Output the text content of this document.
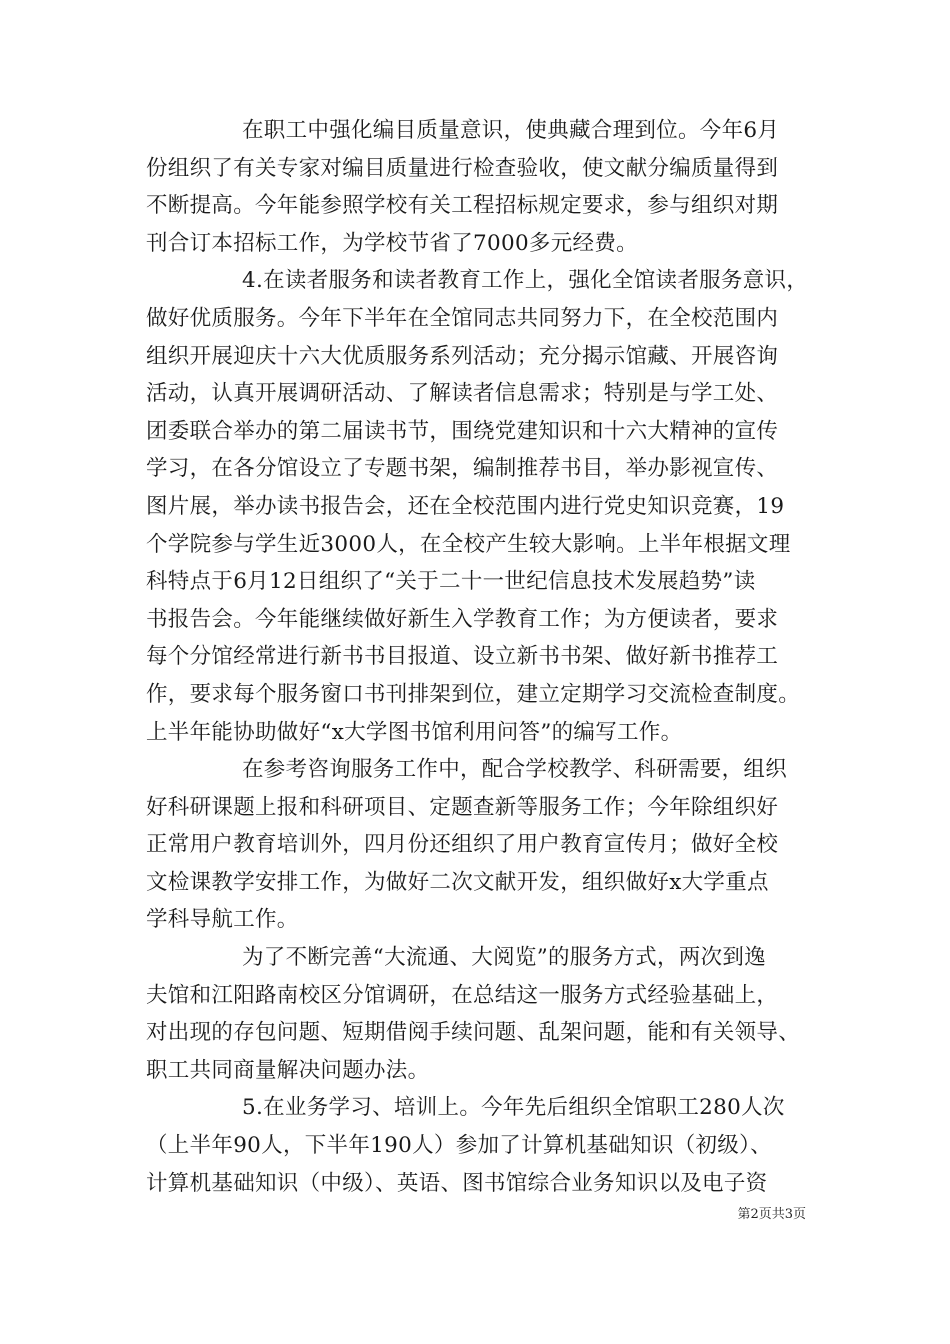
在职工中强化编目质量意识，使典藏合理到位。今年6月
份组织了有关专家对编目质量进行检查验收，使文献分编质量得到
不断提高。今年能参照学校有关工程招标规定要求，参与组织对期
刊合订本招标工作，为学校节省了7000多元经费。
4.在读者服务和读者教育工作上，强化全馆读者服务意识，
做好优质服务。今年下半年在全馆同志共同努力下，在全校范围内
组织开展迎庆十六大优质服务系列活动；充分揭示馆藏、开展咨询
活动，认真开展调研活动、了解读者信息需求；特别是与学工处、
团委联合举办的第二届读书节，围绕党建知识和十六大精神的宣传
学习，在各分馆设立了专题书架，编制推荐书目，举办影视宣传、
图片展，举办读书报告会，还在全校范围内进行党史知识竞赛，19
个学院参与学生近3000人，在全校产生较大影响。上半年根据文理
科特点于6月12日组织了“关于二十一世纪信息技术发展趋势”读
书报告会。今年能继续做好新生入学教育工作；为方便读者，要求
每个分馆经常进行新书书目报道、设立新书书架、做好新书推荐工
作，要求每个服务窗口书刊排架到位，建立定期学习交流检查制度。
上半年能协助做好“x大学图书馆利用问答”的编写工作。
在参考咨询服务工作中，配合学校教学、科研需要，组织
好科研课题上报和科研项目、定题查新等服务工作；今年除组织好
正常用户教育培训外，四月份还组织了用户教育宣传月；做好全校
文检课教学安排工作，为做好二次文献开发，组织做好x大学重点
学科导航工作。
为了不断完善“大流通、大阅览”的服务方式，两次到逸
夫馆和江阳路南校区分馆调研，在总结这一服务方式经验基础上，
对出现的存包问题、短期借阅手续问题、乱架问题，能和有关领导、
职工共同商量解决问题办法。
5.在业务学习、培训上。今年先后组织全馆职工280人次
（上半年90人，下半年190人）参加了计算机基础知识（初级）、
计算机基础知识（中级）、英语、图书馆综合业务知识以及电子资
第2页共3页
